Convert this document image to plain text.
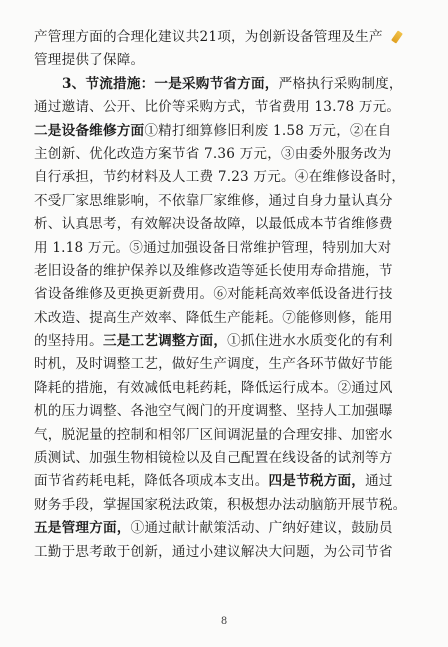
产管理方面的合理化建议共21项，为创新设备管理及生产
管理提供了保障。
3、节流措施：一是采购节省方面，严格执行采购制度，
通过邀请、公开、比价等采购方式，节省费用 13.78 万元。
二是设备维修方面①精打细算修旧利废 1.58 万元，②在自
主创新、优化改造方案节省 7.36 万元，③由委外服务改为
自行承担，节约材料及人工费 7.23 万元。④在维修设备时，
不受厂家思维影响，不依靠厂家维修，通过自身力量认真分
析、认真思考，有效解决设备故障，以最低成本节省维修费
用 1.18 万元。⑤通过加强设备日常维护管理，特别加大对
老旧设备的维护保养以及维修改造等延长使用寿命措施，节
省设备维修及更换更新费用。⑥对能耗高效率低设备进行技
术改造、提高生产效率、降低生产能耗。⑦能修则修，能用
的坚持用。三是工艺调整方面，①抓住进水水质变化的有利
时机，及时调整工艺，做好生产调度，生产各环节做好节能
降耗的措施，有效减低电耗药耗，降低运行成本。②通过风
机的压力调整、各池空气阀门的开度调整、坚持人工加强曝
气，脱泥量的控制和相邻厂区间调泥量的合理安排、加密水
质测试、加强生物相镜检以及自己配置在线设备的试剂等方
面节省药耗电耗，降低各项成本支出。四是节税方面，通过
财务手段，掌握国家税法政策，积极想办法动脑筋开展节税。
五是管理方面，①通过献计献策活动、广纳好建议，鼓励员
工勤于思考敢于创新，通过小建议解决大问题，为公司节省
8
